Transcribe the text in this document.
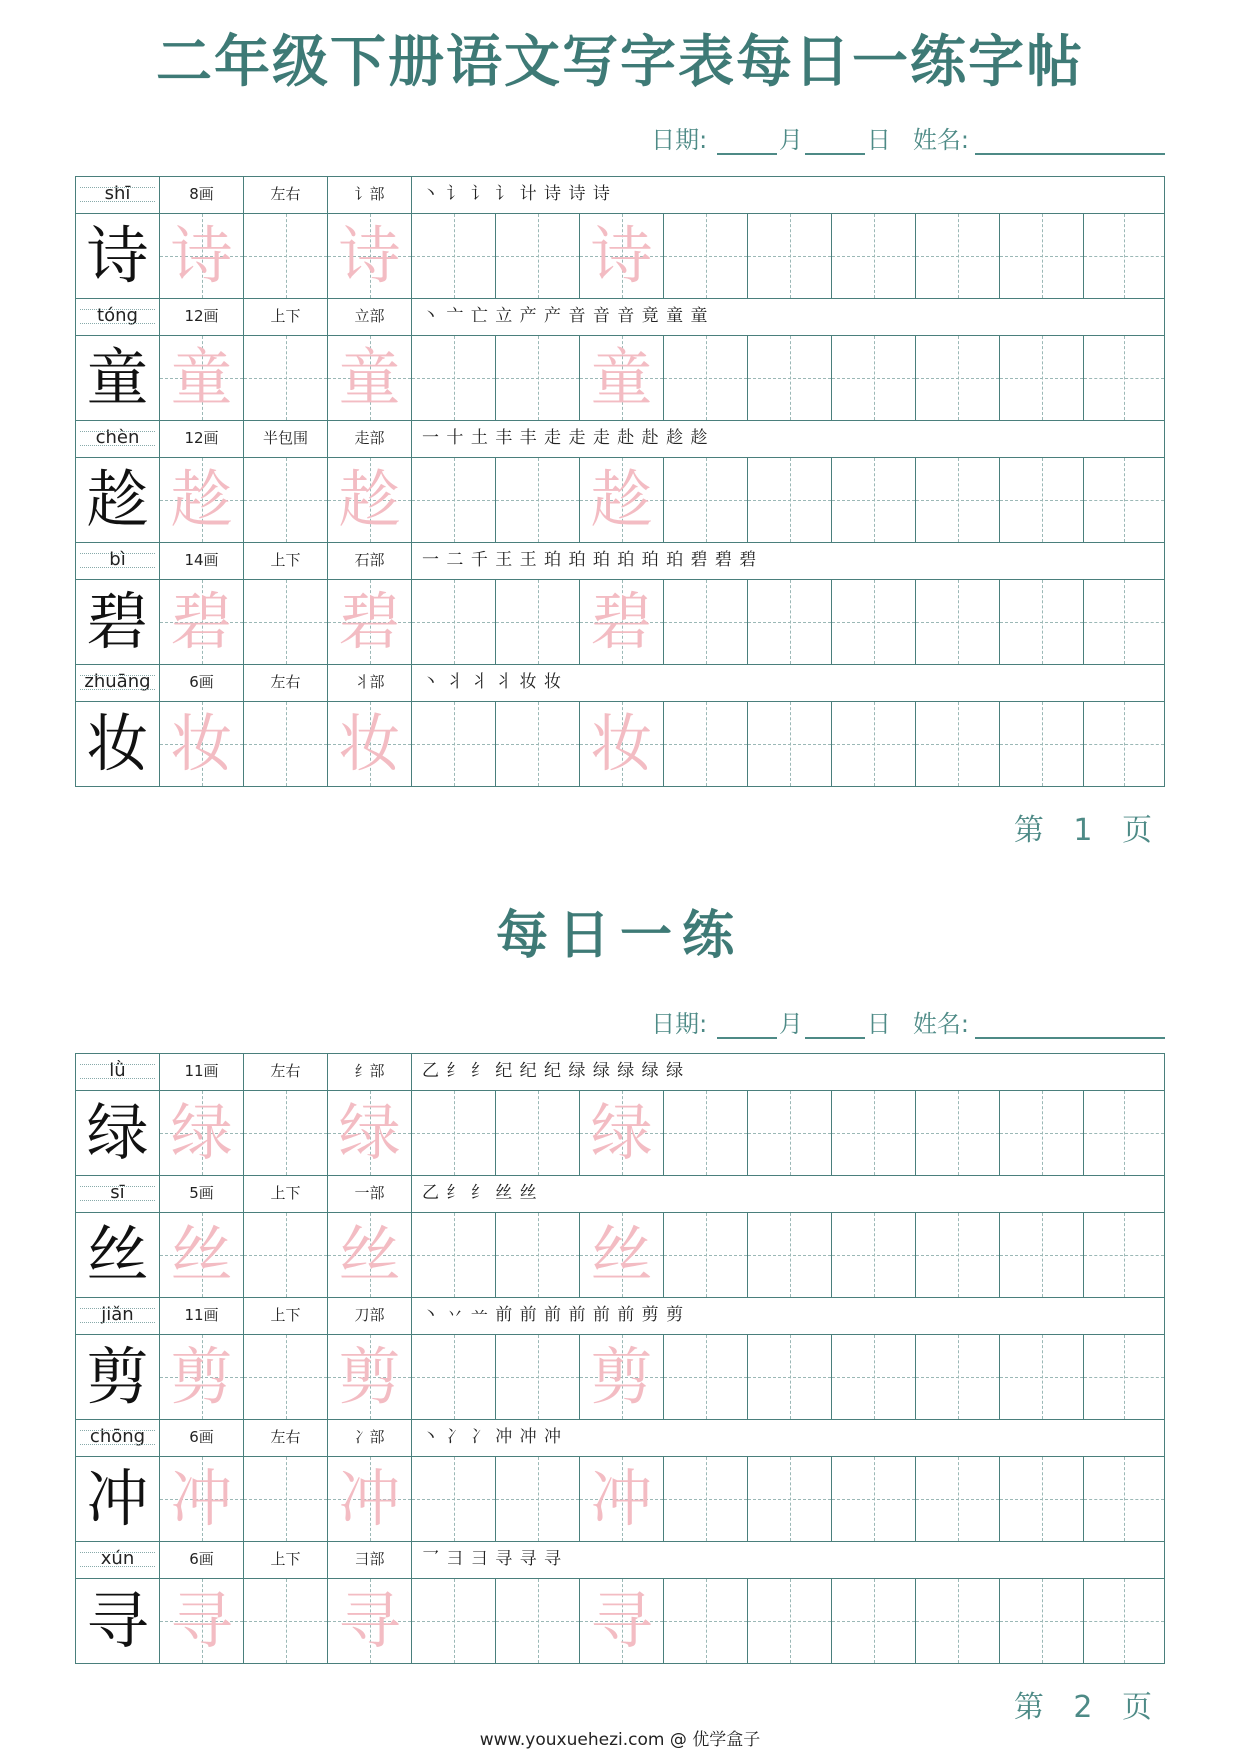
二年级下册语文写字表每日一练字帖
日期:	月	日 姓名:
shī	8画	左右	讠部	丶 讠 讠 讠 计 诗 诗 诗
诗 诗 诗	诗
tóng	12画	上下	立部	丶 亠 亡 立 产 产 音 音 音 竟 童 童
童 童 童	童
chèn	12画	半包围	走部	一 十 土 丰 丰 走 走 走 赴 赴 趁 趁
趁 趁 趁	趁
bì	14画	上下	石部	一 二 千 王 王 珀 珀 珀 珀 珀 珀 碧 碧 碧
碧 碧 碧	碧
zhuāng	6画	左右	丬部	丶 丬 丬 丬 妆 妆
妆 妆 妆	妆
第 1 页
每日一练
日期:	月	日 姓名:
lǜ	11画	左右	纟部	乙 纟 纟 纪 纪 纪 绿 绿 绿 绿 绿
绿 绿 绿	绿
sī	5画	上下	一部	乙 纟 纟 丝 丝
丝 丝 丝	丝
jiǎn	11画	上下	刀部	丶 丷 䒑 前 前 前 前 前 前 剪 剪
剪 剪 剪	剪
chōng	6画	左右	冫部	丶 冫 冫 冲 冲 冲
冲 冲 冲	冲
xún	6画	上下	彐部	乛 彐 彐 寻 寻 寻
寻 寻 寻	寻
第 2 页
www.youxuehezi.com @ 优学盒子
